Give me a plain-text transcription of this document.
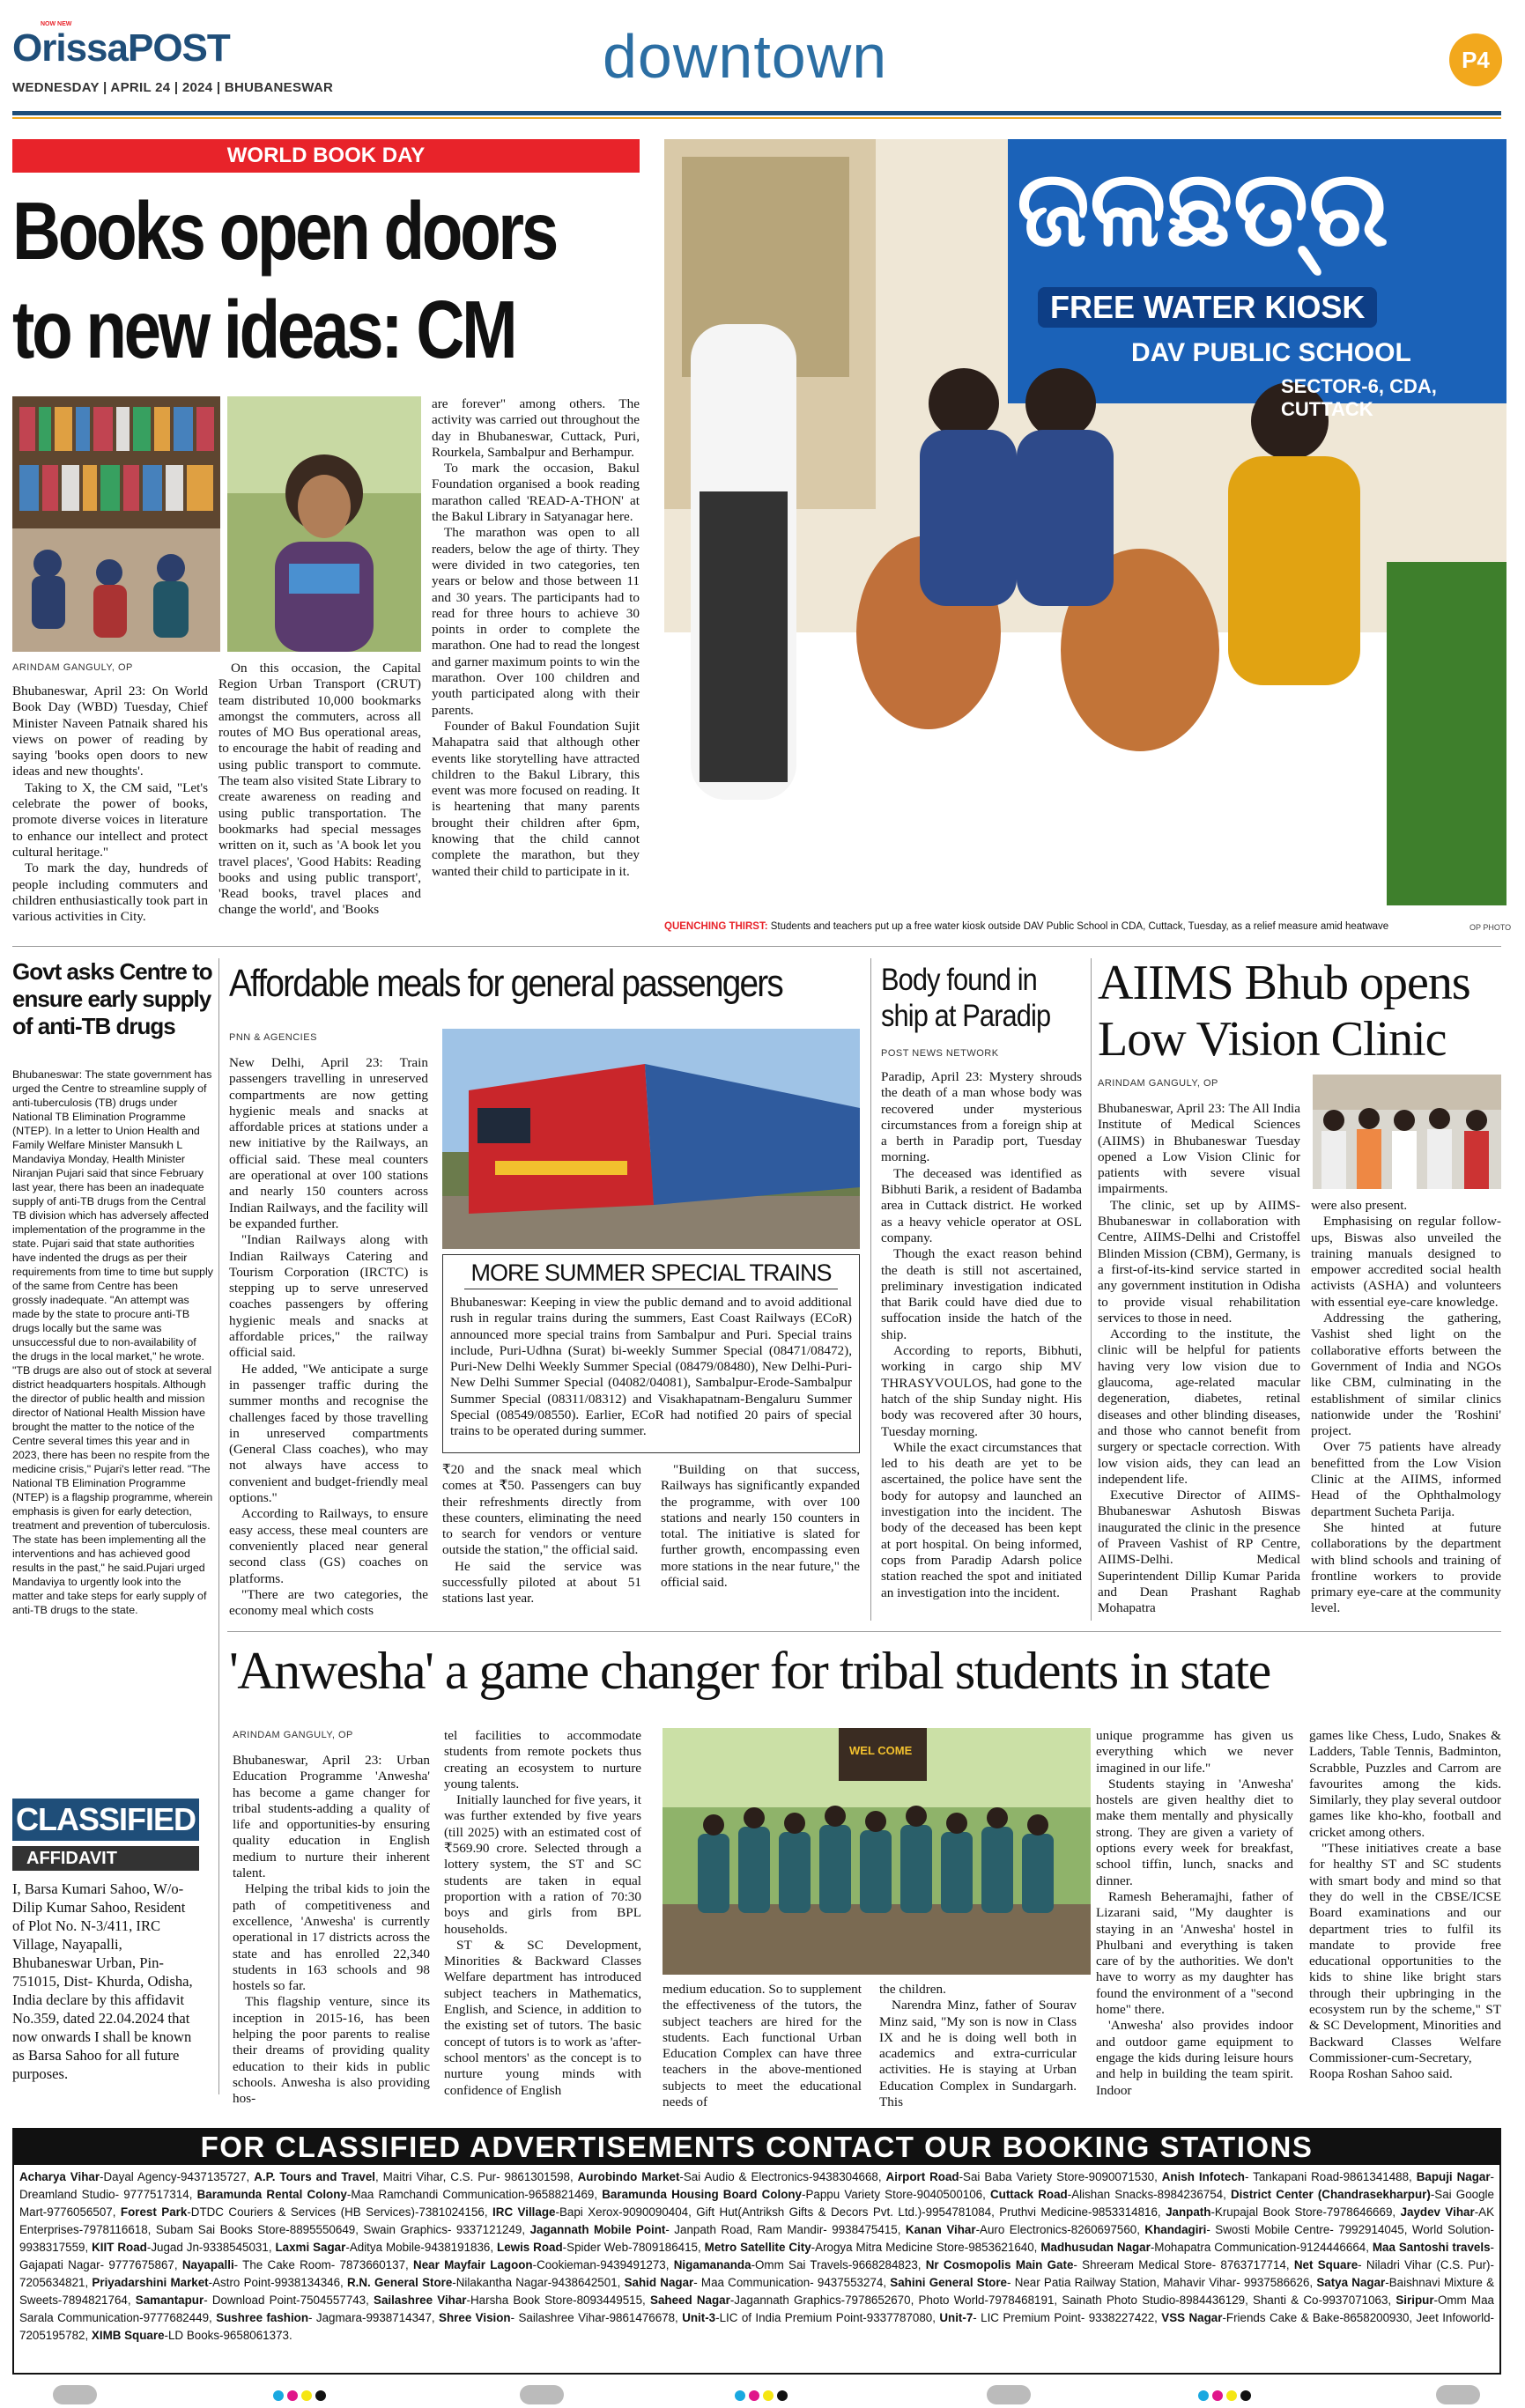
NOW NEW
OrissaPOST
WEDNESDAY | APRIL 24 | 2024 | BHUBANESWAR	downtown	P4
WORLD BOOK DAY
Books open doors
to new ideas: CM
ARINDAM GANGULY, OP

Bhubaneswar, April 23: On World Book Day (WBD) Tuesday, Chief Minister Naveen Patnaik shared his views on power of reading by saying 'books open doors to new ideas and new thoughts'.

Taking to X, the CM said, "Let's celebrate the power of books, promote diverse voices in literature to enhance our intellect and protect cultural heritage."

To mark the day, hundreds of people including commuters and children enthusiastically took part in various activities in City.

On this occasion, the Capital Region Urban Transport (CRUT) team distributed 10,000 bookmarks amongst the commuters, across all routes of MO Bus operational areas, to encourage the habit of reading and using public transport to commute. The team also visited State Library to create awareness on reading and using public transportation. The bookmarks had special messages written on it, such as 'A book let you travel places', 'Good Habits: Reading books and using public transport', 'Read books, travel places and change the world', and 'Books

are forever" among others. The activity was carried out throughout the day in Bhubaneswar, Cuttack, Puri, Rourkela, Sambalpur and Berhampur.

To mark the occasion, Bakul Foundation organised a book reading marathon called 'READ-A-THON' at the Bakul Library in Satyanagar here.

The marathon was open to all readers, below the age of thirty. They were divided in two categories, ten years or below and those between 11 and 30 years. The participants had to read for three hours to achieve 30 points in order to complete the marathon. One had to read the longest and garner maximum points to win the marathon. Over 100 children and youth participated along with their parents.

Founder of Bakul Foundation Sujit Mahapatra said that although other events like storytelling have attracted children to the Bakul Library, this event was more focused on reading. It is heartening that many parents brought their children after 6pm, knowing that the child cannot complete the marathon, but they wanted their child to participate in it.

ଜଳଛତ୍ର
FREE WATER KIOSK
DAV PUBLIC SCHOOL
SECTOR-6, CDA, CUTTACK
QUENCHING THIRST: Students and teachers put up a free water kiosk outside DAV Public School in CDA, Cuttack, Tuesday, as a relief measure amid heatwave	OP PHOTO
Govt asks Centre to ensure early supply of anti-TB drugs
Bhubaneswar: The state government has urged the Centre to streamline supply of anti-tuberculosis (TB) drugs under National TB Elimination Programme (NTEP). In a letter to Union Health and Family Welfare Minister Mansukh L Mandaviya Monday, Health Minister Niranjan Pujari said that since February last year, there has been an inadequate supply of anti-TB drugs from the Central TB division which has adversely affected implementation of the programme in the state. Pujari said that state authorities have indented the drugs as per their requirements from time to time but supply of the same from Centre has been grossly inadequate. "An attempt was made by the state to procure anti-TB drugs locally but the same was unsuccessful due to non-availability of the drugs in the local market," he wrote. "TB drugs are also out of stock at several district headquarters hospitals. Although the director of public health and mission director of National Health Mission have brought the matter to the notice of the Centre several times this year and in 2023, there has been no respite from the medicine crisis," Pujari's letter read. "The National TB Elimination Programme (NTEP) is a flagship programme, wherein emphasis is given for early detection, treatment and prevention of tuberculosis. The state has been implementing all the interventions and has achieved good results in the past," he said.Pujari urged Mandaviya to urgently look into the matter and take steps for early supply of anti-TB drugs to the state.
CLASSIFIED
AFFIDAVIT
I, Barsa Kumari Sahoo, W/o- Dilip Kumar Sahoo, Resident of Plot No. N-3/411, IRC Village, Nayapalli, Bhubaneswar Urban, Pin-751015, Dist- Khurda, Odisha, India declare by this affidavit No.359, dated 22.04.2024 that now onwards I shall be known as Barsa Sahoo for all future purposes.
Affordable meals for general passengers
PNN & AGENCIES

New Delhi, April 23: Train passengers travelling in unreserved compartments are now getting hygienic meals and snacks at affordable prices at stations under a new initiative by the Railways, an official said. These meal counters are operational at over 100 stations and nearly 150 counters across Indian Railways, and the facility will be expanded further.

"Indian Railways along with Indian Railways Catering and Tourism Corporation (IRCTC) is stepping up to serve unreserved coaches passengers by offering hygienic meals and snacks at affordable prices," the railway official said.

He added, "We anticipate a surge in passenger traffic during the summer months and recognise the challenges faced by those travelling in unreserved compartments (General Class coaches), who may not always have access to convenient and budget-friendly meal options."

According to Railways, to ensure easy access, these meal counters are conveniently placed near general second class (GS) coaches on platforms.

"There are two categories, the economy meal which costs

MORE SUMMER SPECIAL TRAINS
Bhubaneswar: Keeping in view the public demand and to avoid additional rush in regular trains during the summers, East Coast Railways (ECoR) announced more special trains from Sambalpur and Puri. Special trains include, Puri-Udhna (Surat) bi-weekly Summer Special (08471/08472), Puri-New Delhi Weekly Summer Special (08479/08480), New Delhi-Puri-New Delhi Summer Special (04082/04081), Sambalpur-Erode-Sambalpur Summer Special (08311/08312) and Visakhapatnam-Bengaluru Summer Special (08549/08550). Earlier, ECoR had notified 20 pairs of special trains to be operated during summer.

₹20 and the snack meal which comes at ₹50. Passengers can buy their refreshments directly from these counters, eliminating the need to search for vendors or venture outside the station," the official said.

He said the service was successfully piloted at about 51 stations last year.

"Building on that success, Railways has significantly expanded the programme, with over 100 stations and nearly 150 counters in total. The initiative is slated for further growth, encompassing even more stations in the near future," the official said.

Body found in
ship at Paradip
POST NEWS NETWORK

Paradip, April 23: Mystery shrouds the death of a man whose body was recovered under mysterious circumstances from a foreign ship at a berth in Paradip port, Tuesday morning.

The deceased was identified as Bibhuti Barik, a resident of Badamba area in Cuttack district. He worked as a heavy vehicle operator at OSL company.

Though the exact reason behind the death is still not ascertained, preliminary investigation indicated that Barik could have died due to suffocation inside the hatch of the ship.

According to reports, Bibhuti, working in cargo ship MV THRASYVOULOS, had gone to the hatch of the ship Sunday night. His body was recovered after 30 hours, Tuesday morning.

While the exact circumstances that led to his death are yet to be ascertained, the police have sent the body for autopsy and launched an investigation into the incident. The body of the deceased has been kept at port hospital. On being informed, cops from Paradip Adarsh police station reached the spot and initiated an investigation into the incident.

AIIMS Bhub opens
Low Vision Clinic
ARINDAM GANGULY, OP

Bhubaneswar, April 23: The All India Institute of Medical Sciences (AIIMS) in Bhubaneswar Tuesday opened a Low Vision Clinic for patients with severe visual impairments.

The clinic, set up by AIIMS-Bhubaneswar in collaboration with Centre, AIIMS-Delhi and Cristoffel Blinden Mission (CBM), Germany, is a first-of-its-kind service started in any government institution in Odisha to provide visual rehabilitation services to those in need.

According to the institute, the clinic will be helpful for patients having very low vision due to glaucoma, age-related macular degeneration, diabetes, retinal diseases and other blinding diseases, and those who cannot benefit from surgery or spectacle correction. With low vision aids, they can lead an independent life.

Executive Director of AIIMS-Bhubaneswar Ashutosh Biswas inaugurated the clinic in the presence of Praveen Vashist of RP Centre, AIIMS-Delhi. Medical Superintendent Dillip Kumar Parida and Dean Prashant Raghab Mohapatra

were also present.

Emphasising on regular follow-ups, Biswas also unveiled the training manuals designed to empower accredited social health activists (ASHA) and volunteers with essential eye-care knowledge.

Addressing the gathering, Vashist shed light on the collaborative efforts between the Government of India and NGOs like CBM, culminating in the establishment of similar clinics nationwide under the 'Roshini' project.

Over 75 patients have already benefitted from the Low Vision Clinic at the AIIMS, informed Head of the Ophthalmology department Sucheta Parija.

She hinted at future collaborations by the department with blind schools and training of frontline workers to provide primary eye-care at the community level.

'Anwesha' a game changer for tribal students in state
ARINDAM GANGULY, OP

Bhubaneswar, April 23: Urban Education Programme 'Anwesha' has become a game changer for tribal students-adding a quality of life and opportunities-by ensuring quality education in English medium to nurture their inherent talent.

Helping the tribal kids to join the path of competitiveness and excellence, 'Anwesha' is currently operational in 17 districts across the state and has enrolled 22,340 students in 163 schools and 98 hostels so far.

This flagship venture, since its inception in 2015-16, has been helping the poor parents to realise their dreams of providing quality education to their kids in public schools. Anwesha is also providing hos-

tel facilities to accommodate students from remote pockets thus creating an ecosystem to nurture young talents.

Initially launched for five years, it was further extended by five years (till 2025) with an estimated cost of ₹569.90 crore. Selected through a lottery system, the ST and SC students are taken in equal proportion with a ration of 70:30 boys and girls from BPL households.

ST & SC Development, Minorities & Backward Classes Welfare department has introduced subject teachers in Mathematics, English, and Science, in addition to the existing set of tutors. The basic concept of tutors is to work as 'after-school mentors' as the concept is to nurture young minds with confidence of English

WEL COME

medium education. So to supplement the effectiveness of the tutors, the subject teachers are hired for the students. Each functional Urban Education Complex can have three teachers in the above-mentioned subjects to meet the educational needs of

the children.

Narendra Minz, father of Sourav Minz said, "My son is now in Class IX and he is doing well both in academics and extra-curricular activities. He is staying at Urban Education Complex in Sundargarh. This

unique programme has given us everything which we never imagined in our life."

Students staying in 'Anwesha' hostels are given healthy diet to make them mentally and physically strong. They are given a variety of options every week for breakfast, school tiffin, lunch, snacks and dinner.

Ramesh Beheramajhi, father of Lizarani said, "My daughter is staying in an 'Anwesha' hostel in Phulbani and everything is taken care of by the authorities. We don't have to worry as my daughter has found the environment of a "second home" there.

'Anwesha' also provides indoor and outdoor game equipment to engage the kids during leisure hours and help in building the team spirit. Indoor

games like Chess, Ludo, Snakes & Ladders, Table Tennis, Badminton, Scrabble, Puzzles and Carrom are favourites among the kids. Similarly, they play several outdoor games like kho-kho, football and cricket among others.

"These initiatives create a base for healthy ST and SC students with smart body and mind so that they do well in the CBSE/ICSE Board examinations and our department tries to fulfil its mandate to provide free educational opportunities to the kids to shine like bright stars through their upbringing in the ecosystem run by the scheme," ST & SC Development, Minorities and Backward Classes Welfare Commissioner-cum-Secretary, Roopa Roshan Sahoo said.

FOR CLASSIFIED ADVERTISEMENTS CONTACT OUR BOOKING STATIONS
Acharya Vihar-Dayal Agency-9437135727, A.P. Tours and Travel, Maitri Vihar, C.S. Pur- 9861301598, Aurobindo Market-Sai Audio & Electronics-9438304668, Airport Road-Sai Baba Variety Store-9090071530, Anish Infotech- Tankapani Road-9861341488, Bapuji Nagar- Dreamland Studio- 9777517314, Baramunda Rental Colony-Maa Ramchandi Communication-9658821469, Baramunda Housing Board Colony-Pappu Variety Store-9040500106, Cuttack Road-Alishan Snacks-8984236754, District Center (Chandrasekharpur)-Sai Google Mart-9776056507, Forest Park-DTDC Couriers & Services (HB Services)-7381024156, IRC Village-Bapi Xerox-9090090404, Gift Hut(Antriksh Gifts & Decors Pvt. Ltd.)-9954781084, Pruthvi Medicine-9853314816, Janpath-Krupajal Book Store-7978646669, Jaydev Vihar-AK Enterprises-7978116618, Subam Sai Books Store-8895550649, Swain Graphics- 9337121249, Jagannath Mobile Point- Janpath Road, Ram Mandir- 9938475415, Kanan Vihar-Auro Electronics-8260697560, Khandagiri- Swosti Mobile Centre- 7992914045, World Solution- 9938317559, KIIT Road-Jugad Jn-9338545031, Laxmi Sagar-Aditya Mobile-9438191836, Lewis Road-Spider Web-7809186415, Metro Satellite City-Arogya Mitra Medicine Store-9853621640, Madhusudan Nagar-Mohapatra Communication-9124446664, Maa Santoshi travels- Gajapati Nagar- 9777675867, Nayapalli- The Cake Room- 7873660137, Near Mayfair Lagoon-Cookieman-9439491273, Nigamananda-Omm Sai Travels-9668284823, Nr Cosmopolis Main Gate- Shreeram Medical Store- 8763717714, Net Square- Niladri Vihar (C.S. Pur)- 7205634821, Priyadarshini Market-Astro Point-9938134346, R.N. General Store-Nilakantha Nagar-9438642501, Sahid Nagar- Maa Communication- 9437553274, Sahini General Store- Near Patia Railway Station, Mahavir Vihar- 9937586626, Satya Nagar-Baishnavi Mixture & Sweets-7894821764, Samantapur- Download Point-7504557743, Sailashree Vihar-Harsha Book Store-8093449515, Saheed Nagar-Jagannath Graphics-7978652670, Photo World-7978468191, Sainath Photo Studio-8984436129, Shanti & Co-9937071063, Siripur-Omm Maa Sarala Communication-9777682449, Sushree fashion- Jagmara-9938714347, Shree Vision- Sailashree Vihar-9861476678, Unit-3-LIC of India Premium Point-9337787080, Unit-7- LIC Premium Point- 9338227422, VSS Nagar-Friends Cake & Bake-8658200930, Jeet Infoworld-7205195782, XIMB Square-LD Books-9658061373.
